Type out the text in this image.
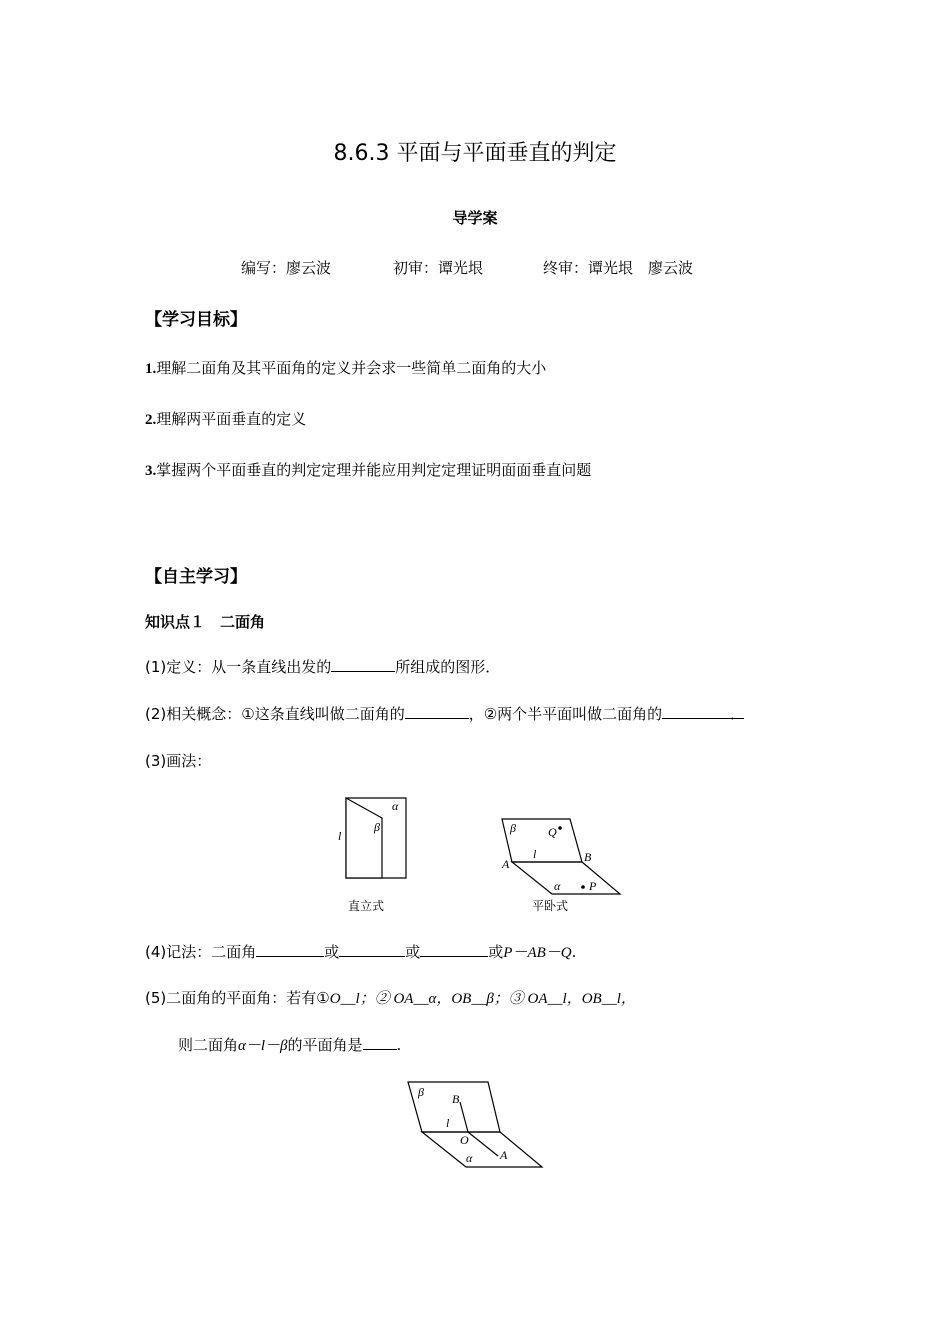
8.6.3 平面与平面垂直的判定
导学案
编写：廖云波	初审：谭光垠	终审：谭光垠　廖云波
【学习目标】
1.理解二面角及其平面角的定义并会求一些简单二面角的大小
2.理解两平面垂直的定义
3.掌握两个平面垂直的判定定理并能应用判定定理证明面面垂直问题
【自主学习】
知识点１　二面角
(1)定义：从一条直线出发的	所组成的图形．
(2)相关概念：①这条直线叫做二面角的	，②两个半平面叫做二面角的	．
(3)画法：
α
β
l
直立式
β	Q
l
A	B
α P
平卧式
(4)记法：二面角	或	或	或P－AB－Q.
(5)二面角的平面角：若有①O__l；② OA__α，OB__β；③ OA__l，OB__l，
则二面角α－l－β的平面角是 .
β B
l
O
α A
